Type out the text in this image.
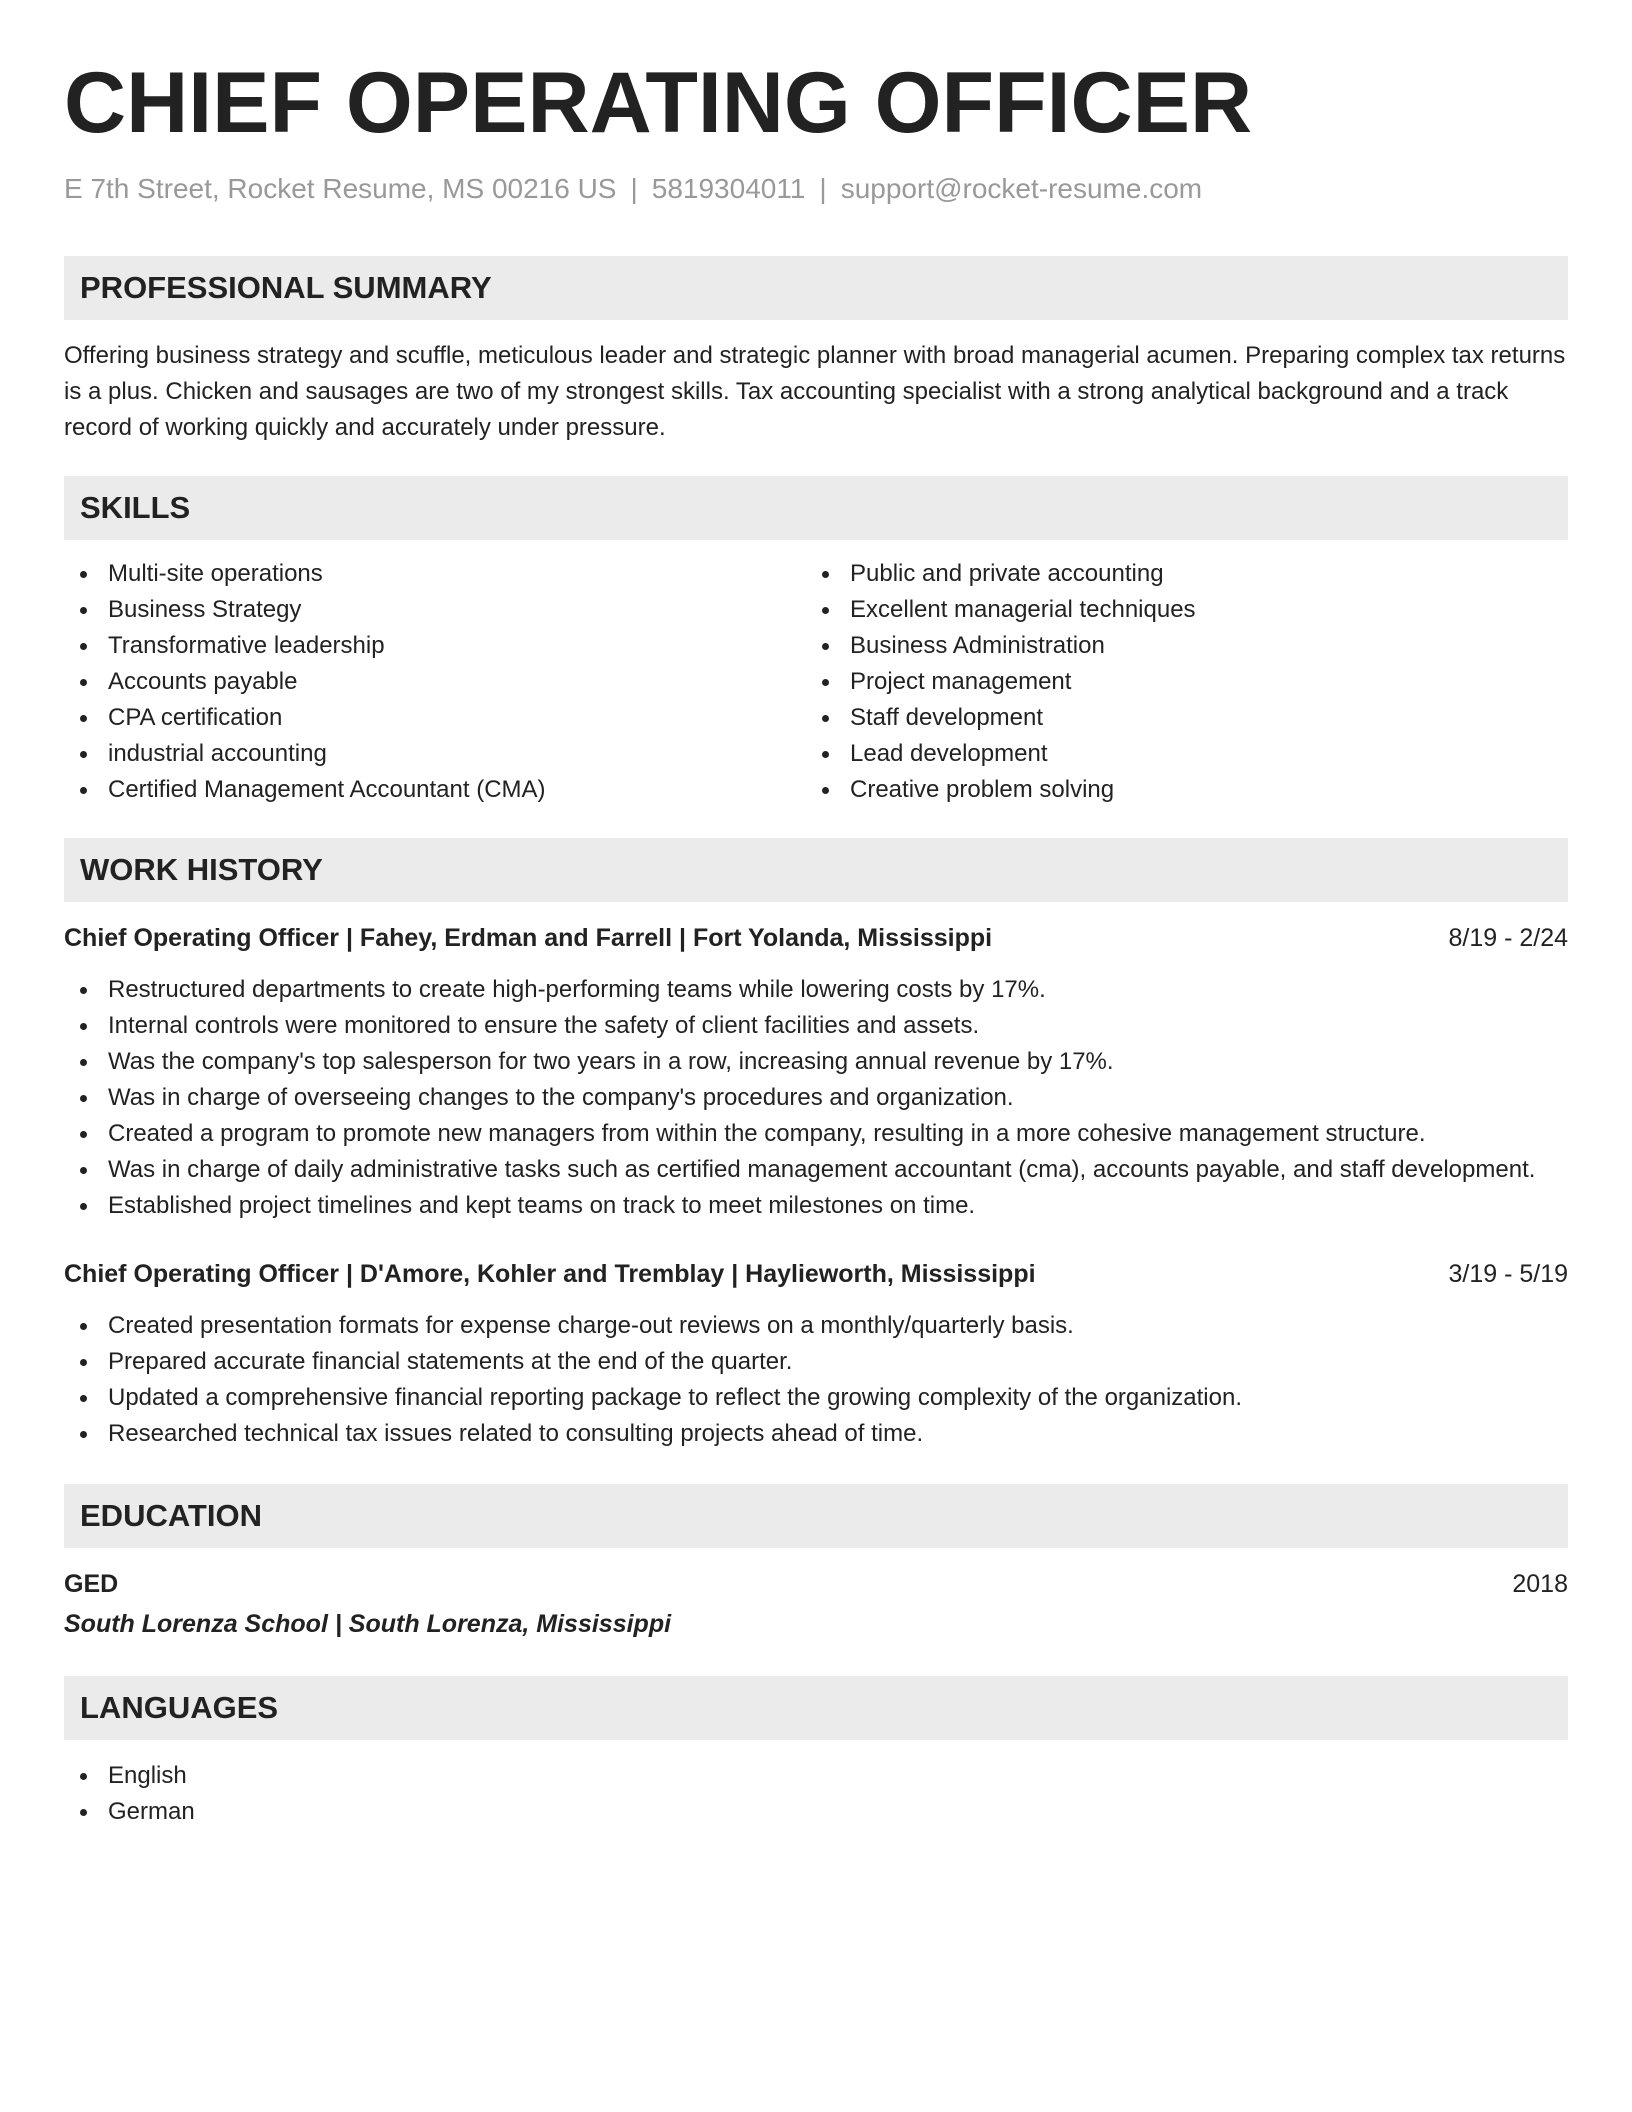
CHIEF OPERATING OFFICER
E 7th Street, Rocket Resume, MS 00216 US | 5819304011 | support@rocket-resume.com
PROFESSIONAL SUMMARY

Offering business strategy and scuffle, meticulous leader and strategic planner with broad managerial acumen. Preparing complex tax returns is a plus. Chicken and sausages are two of my strongest skills. Tax accounting specialist with a strong analytical background and a track record of working quickly and accurately under pressure.

SKILLS
Multi-site operations
Business Strategy
Transformative leadership
Accounts payable
CPA certification
industrial accounting
Certified Management Accountant (CMA)
Public and private accounting
Excellent managerial techniques
Business Administration
Project management
Staff development
Lead development
Creative problem solving
WORK HISTORY
Chief Operating Officer | Fahey, Erdman and Farrell | Fort Yolanda, Mississippi	8/19 - 2/24
Restructured departments to create high-performing teams while lowering costs by 17%.
Internal controls were monitored to ensure the safety of client facilities and assets.
Was the company's top salesperson for two years in a row, increasing annual revenue by 17%.
Was in charge of overseeing changes to the company's procedures and organization.
Created a program to promote new managers from within the company, resulting in a more cohesive management structure.
Was in charge of daily administrative tasks such as certified management accountant (cma), accounts payable, and staff development.
Established project timelines and kept teams on track to meet milestones on time.
Chief Operating Officer | D'Amore, Kohler and Tremblay | Haylieworth, Mississippi	3/19 - 5/19
Created presentation formats for expense charge-out reviews on a monthly/quarterly basis.
Prepared accurate financial statements at the end of the quarter.
Updated a comprehensive financial reporting package to reflect the growing complexity of the organization.
Researched technical tax issues related to consulting projects ahead of time.
EDUCATION
GED	2018
South Lorenza School | South Lorenza, Mississippi
LANGUAGES
English
German
